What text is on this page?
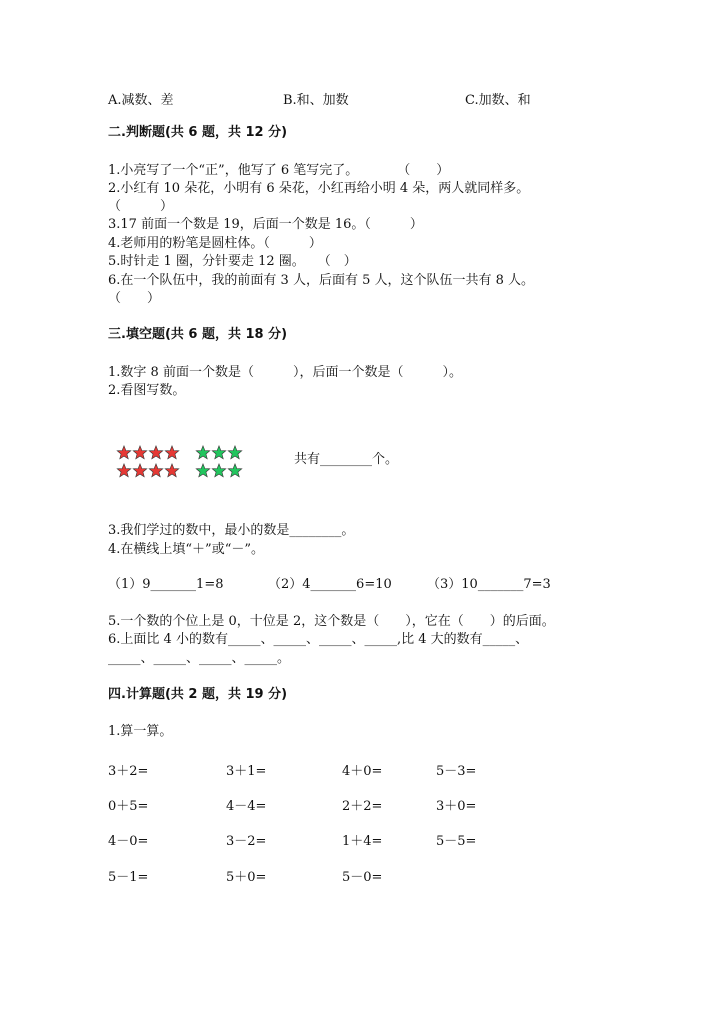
A.减数、差	B.和、加数	C.加数、和
二.判断题(共 6 题，共 12 分)
1.小亮写了一个“正”，他写了 6 笔写完了。　　　　（　　）
2.小红有 10 朵花，小明有 6 朵花，小红再给小明 4 朵，两人就同样多。
（　　　）
3.17 前面一个数是 19，后面一个数是 16。（　　　）
4.老师用的粉笔是圆柱体。（　　　）
5.时针走 1 圈，分针要走 12 圈。　　（　）
6.在一个队伍中，我的前面有 3 人，后面有 5 人，这个队伍一共有 8 人。
（　　）
三.填空题(共 6 题，共 18 分)
1.数字 8 前面一个数是（　　　），后面一个数是（　　　）。
2.看图写数。
共有________个。
3.我们学过的数中，最小的数是________。
4.在横线上填“＋”或“－”。
（1）9_______1=8	（2）4_______6=10	（3）10_______7=3
5.一个数的个位上是 0，十位是 2，这个数是（　　），它在（　　）的后面。
6.上面比 4 小的数有_____、_____、_____、_____,比 4 大的数有_____、
_____、_____、_____、_____。
四.计算题(共 2 题，共 19 分)
1.算一算。
3＋2=	3＋1=	4＋0=	5－3=
0＋5=	4－4=	2＋2=	3＋0=
4－0=	3－2=	1＋4=	5－5=
5－1=	5＋0=	5－0=
